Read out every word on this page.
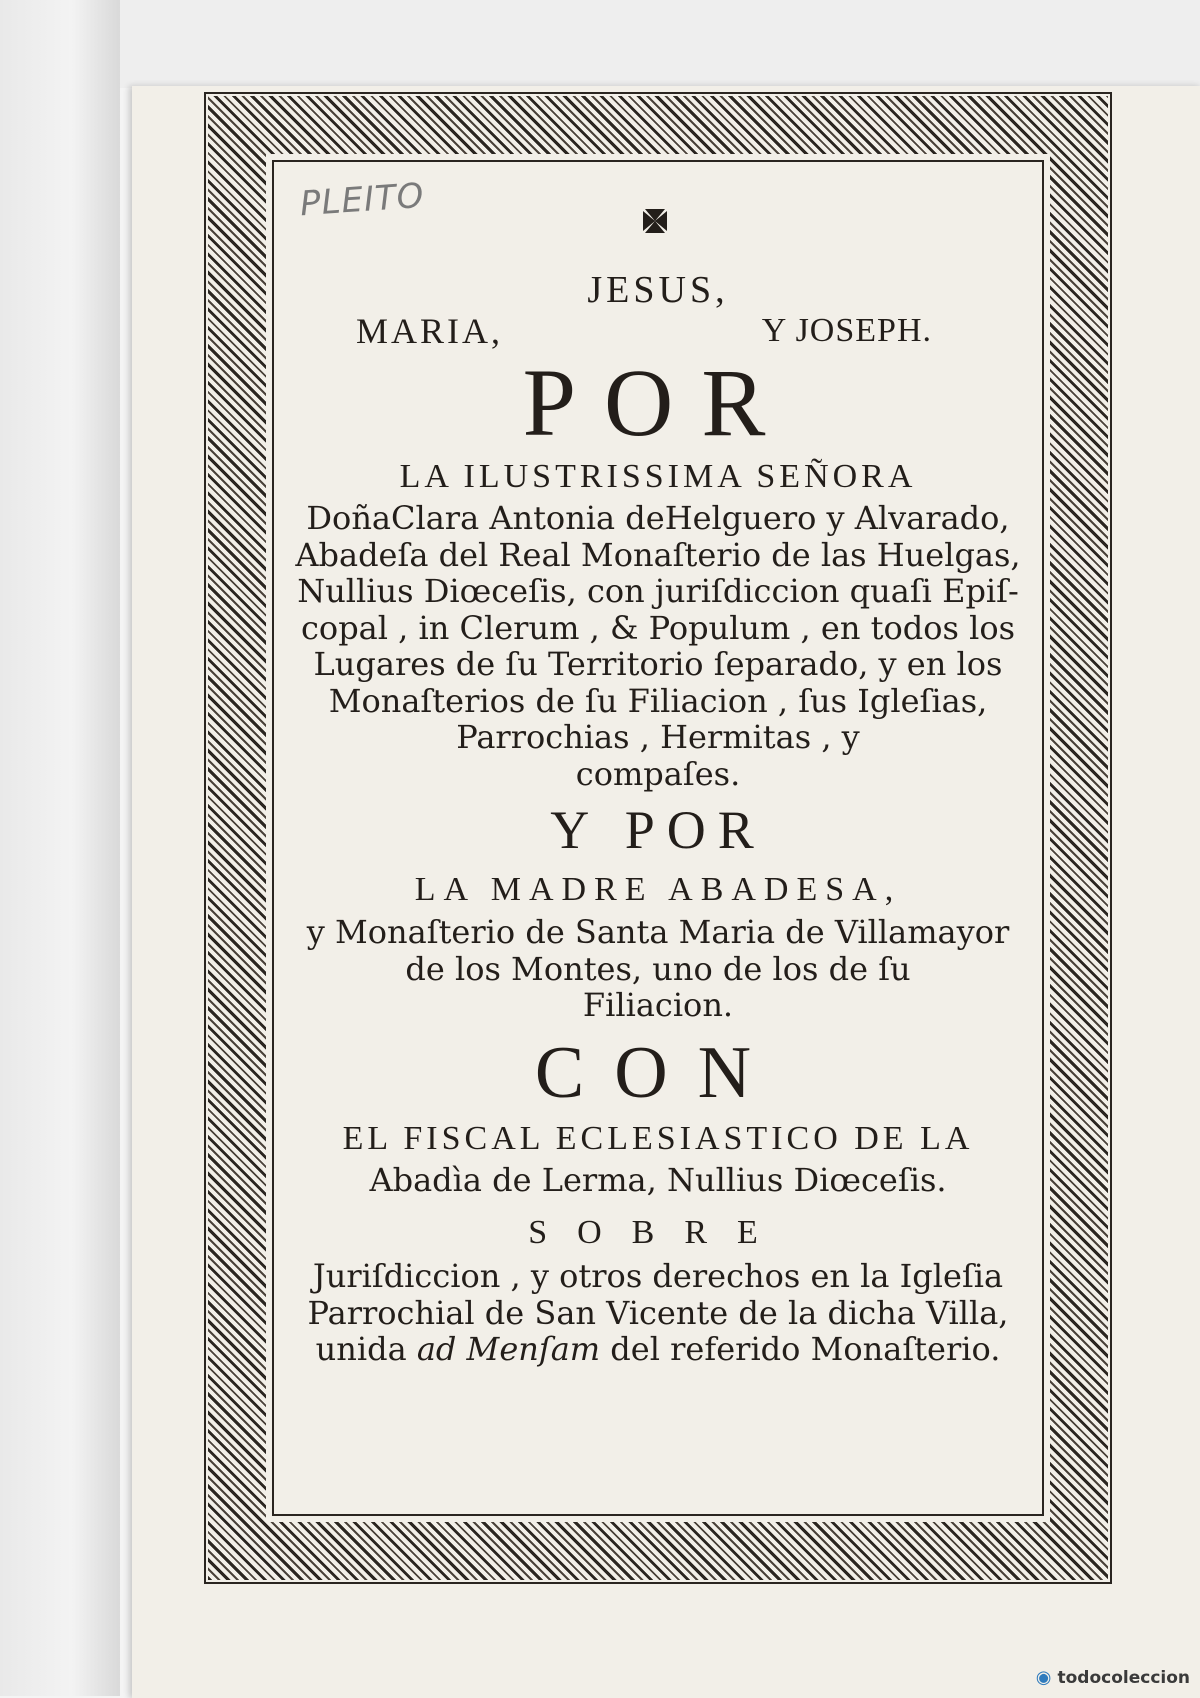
PLEITO
JESUS,
MARIA,	Y JOSEPH.
POR
LA ILUSTRISSIMA SEÑORA
DoñaClara Antonia deHelguero y Alvarado,
Abadeſa del Real Monaſterio de las Huelgas,
Nullius Diœceſis, con juriſdiccion quaſi Epiſ-
copal , in Clerum , & Populum , en todos los
Lugares de ſu Territorio ſeparado, y en los
Monaſterios de ſu Filiacion , ſus Igleſias,
Parrochias , Hermitas , y
compaſes.
Y POR
LA MADRE ABADESA,
y Monaſterio de Santa Maria de Villamayor
de los Montes, uno de los de ſu
Filiacion.
CON
EL FISCAL ECLESIASTICO DE LA
Abadìa de Lerma, Nullius Diœceſis.
SOBRE
Juriſdiccion , y otros derechos en la Igleſia
Parrochial de San Vicente de la dicha Villa,
unida ad Menſam del referido Monaſterio.
◉ todocoleccion
